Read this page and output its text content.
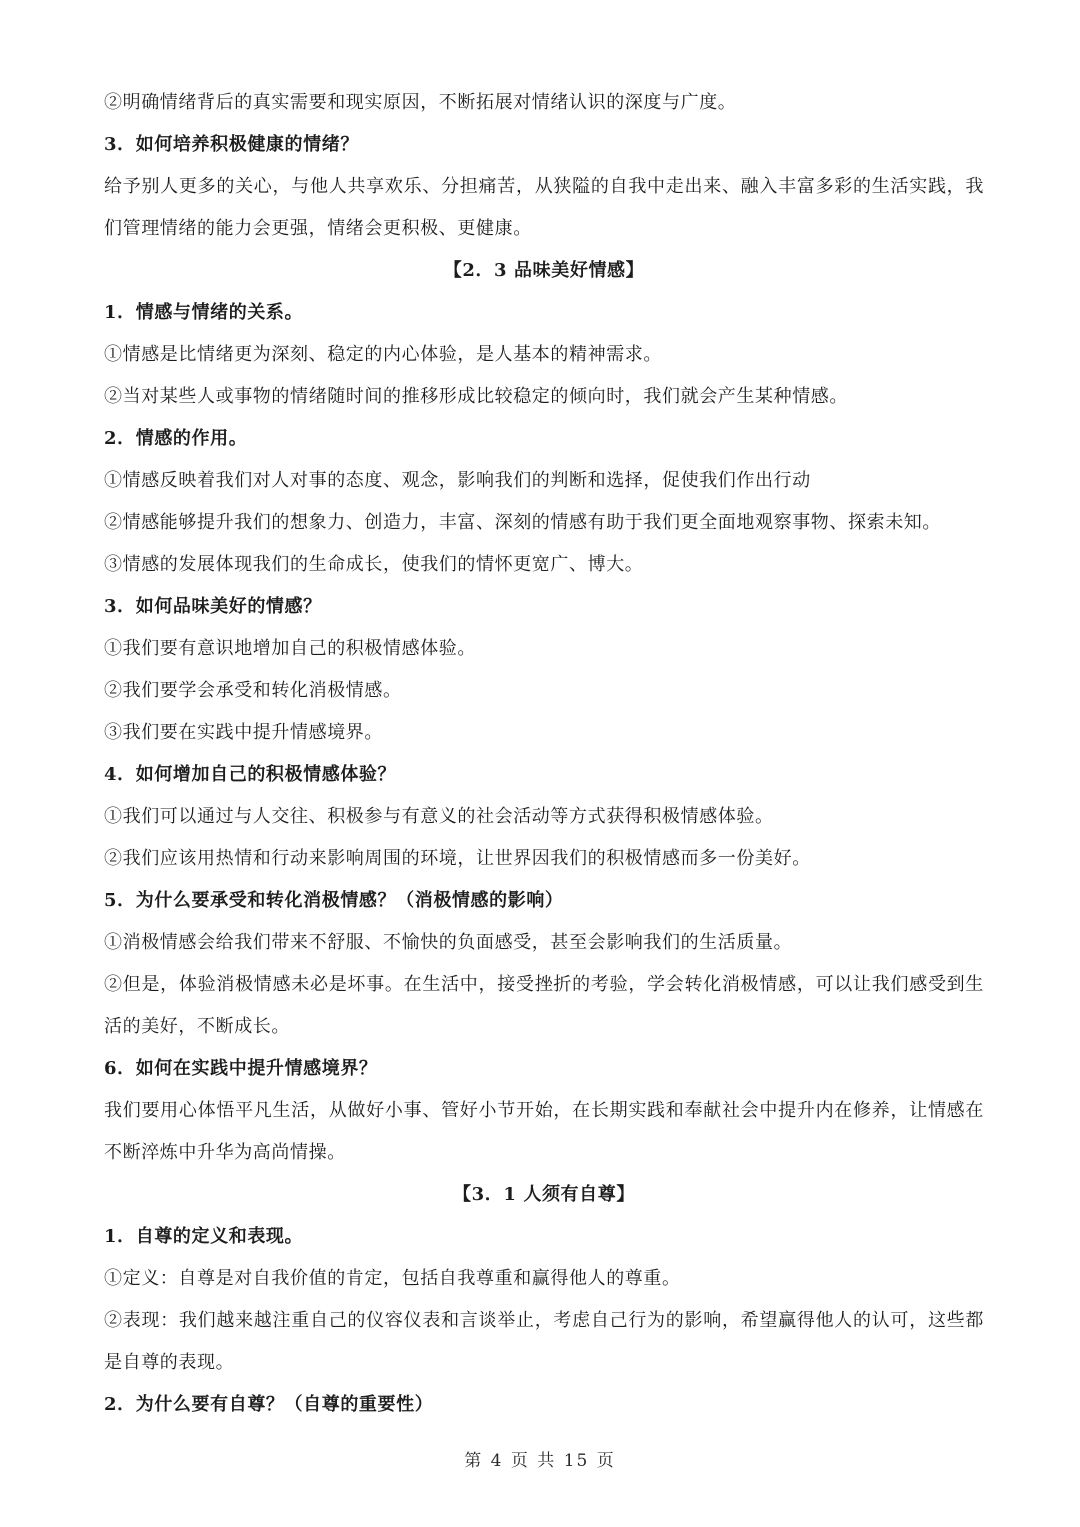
②明确情绪背后的真实需要和现实原因，不断拓展对情绪认识的深度与广度。
3．如何培养积极健康的情绪？
给予别人更多的关心，与他人共享欢乐、分担痛苦，从狭隘的自我中走出来、融入丰富多彩的生活实践，我们管理情绪的能力会更强，情绪会更积极、更健康。
【2．3 品味美好情感】
1．情感与情绪的关系。
①情感是比情绪更为深刻、稳定的内心体验，是人基本的精神需求。
②当对某些人或事物的情绪随时间的推移形成比较稳定的倾向时，我们就会产生某种情感。
2．情感的作用。
①情感反映着我们对人对事的态度、观念，影响我们的判断和选择，促使我们作出行动
②情感能够提升我们的想象力、创造力，丰富、深刻的情感有助于我们更全面地观察事物、探索未知。
③情感的发展体现我们的生命成长，使我们的情怀更宽广、博大。
3．如何品味美好的情感？
①我们要有意识地增加自己的积极情感体验。
②我们要学会承受和转化消极情感。
③我们要在实践中提升情感境界。
4．如何增加自己的积极情感体验？
①我们可以通过与人交往、积极参与有意义的社会活动等方式获得积极情感体验。
②我们应该用热情和行动来影响周围的环境，让世界因我们的积极情感而多一份美好。
5．为什么要承受和转化消极情感？（消极情感的影响）
①消极情感会给我们带来不舒服、不愉快的负面感受，甚至会影响我们的生活质量。
②但是，体验消极情感未必是坏事。在生活中，接受挫折的考验，学会转化消极情感，可以让我们感受到生活的美好，不断成长。
6．如何在实践中提升情感境界？
我们要用心体悟平凡生活，从做好小事、管好小节开始，在长期实践和奉献社会中提升内在修养，让情感在不断淬炼中升华为高尚情操。
【3．1 人须有自尊】
1．自尊的定义和表现。
①定义：自尊是对自我价值的肯定，包括自我尊重和赢得他人的尊重。
②表现：我们越来越注重自己的仪容仪表和言谈举止，考虑自己行为的影响，希望赢得他人的认可，这些都是自尊的表现。
2．为什么要有自尊？（自尊的重要性）
第 4 页 共 15 页
